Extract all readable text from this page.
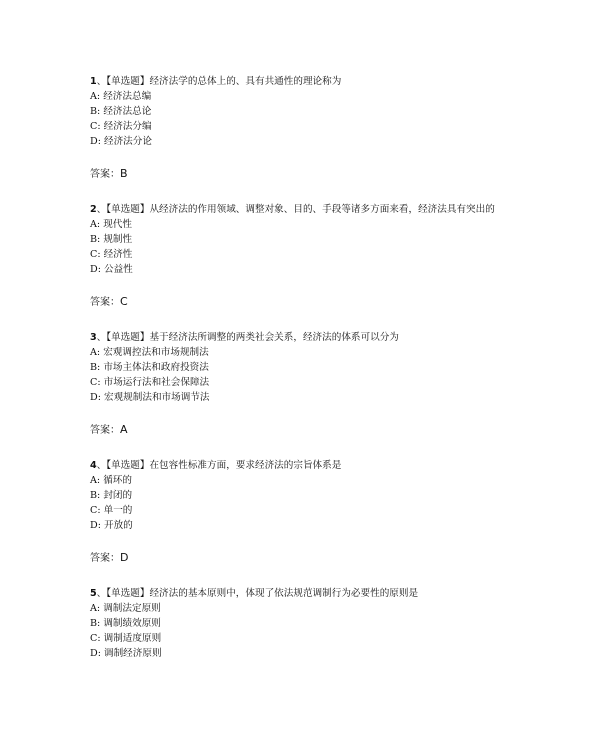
1、【单选题】经济法学的总体上的、具有共通性的理论称为

A: 经济法总编

B: 经济法总论

C: 经济法分编

D: 经济法分论

答案：B

2、【单选题】从经济法的作用领域、调整对象、目的、手段等诸多方面来看，经济法具有突出的

A: 现代性

B: 规制性

C: 经济性

D: 公益性

答案：C

3、【单选题】基于经济法所调整的两类社会关系，经济法的体系可以分为

A: 宏观调控法和市场规制法

B: 市场主体法和政府投资法

C: 市场运行法和社会保障法

D: 宏观规制法和市场调节法

答案：A

4、【单选题】在包容性标准方面，要求经济法的宗旨体系是

A: 循环的

B: 封闭的

C: 单一的

D: 开放的

答案：D

5、【单选题】经济法的基本原则中，体现了依法规范调制行为必要性的原则是

A: 调制法定原则

B: 调制绩效原则

C: 调制适度原则

D: 调制经济原则
